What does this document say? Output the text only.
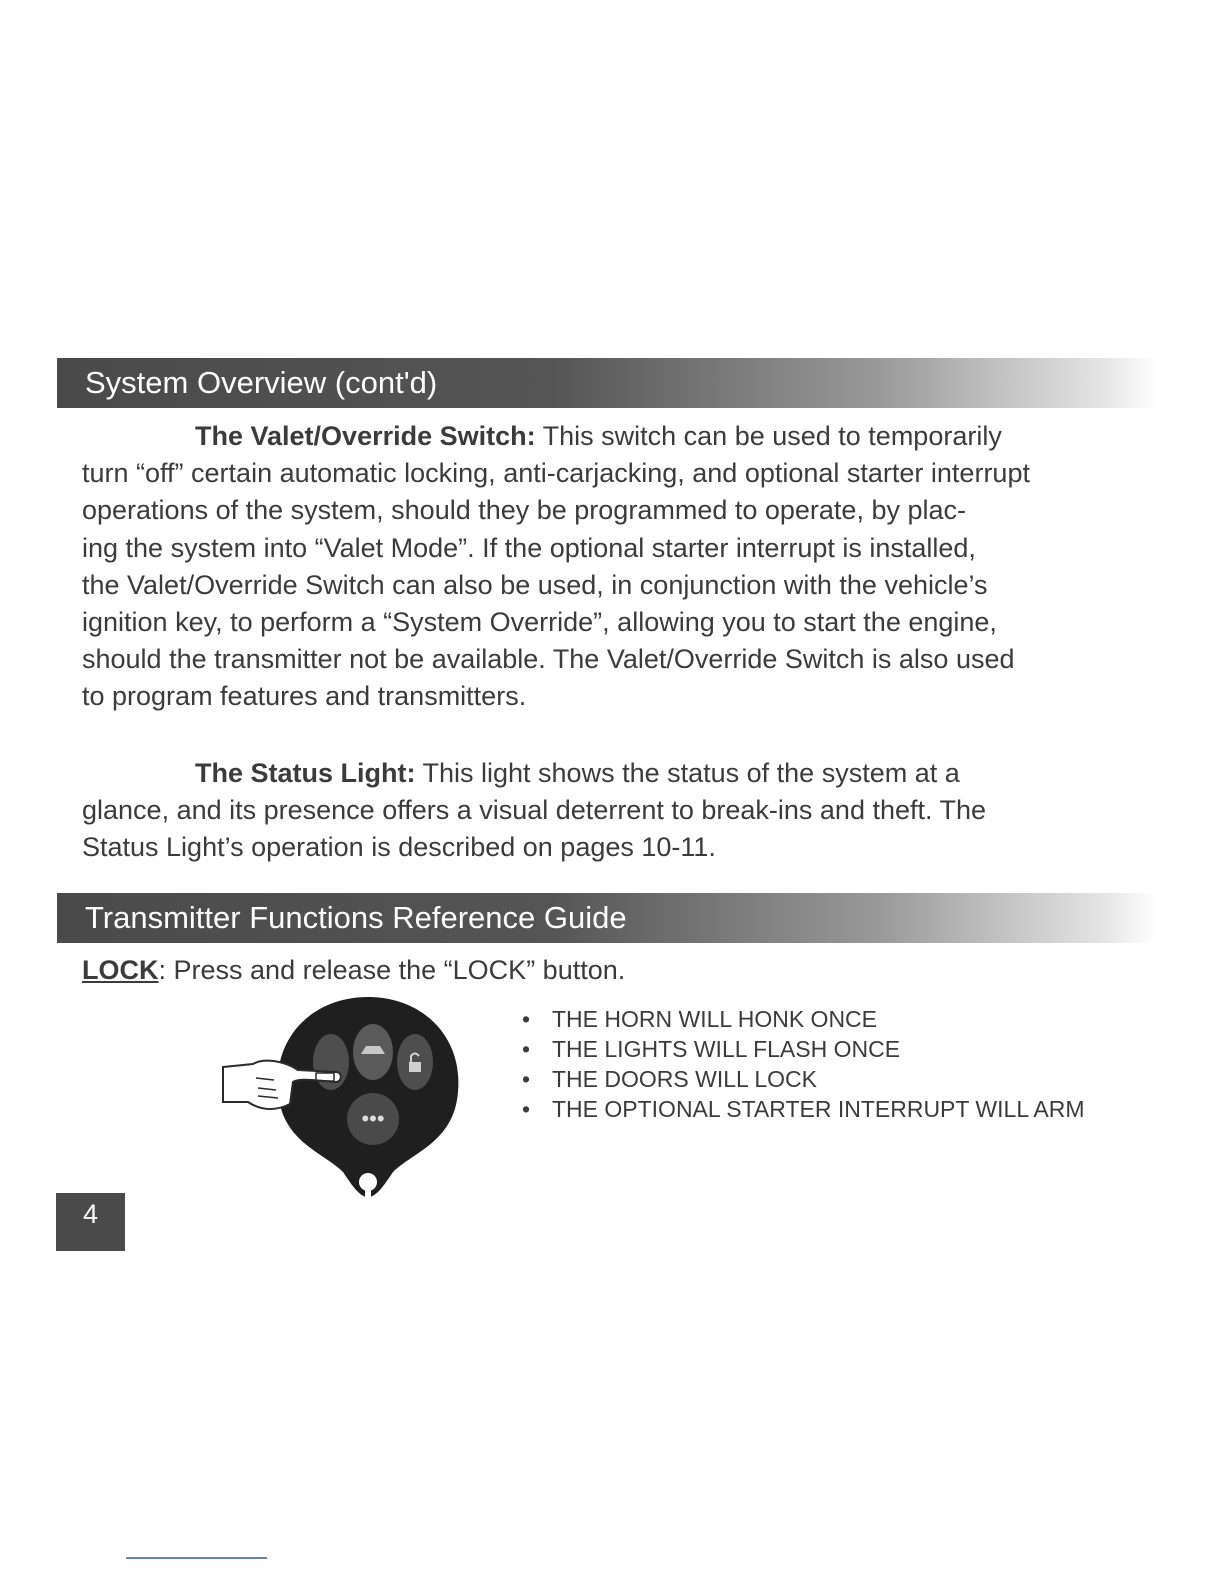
System Overview (cont'd)

The Valet/Override Switch: This switch can be used to temporarily
turn “off” certain automatic locking, anti-carjacking, and optional starter interrupt
operations of the system, should they be programmed to operate, by plac-
ing the system into “Valet Mode”. If the optional starter interrupt is installed,
the Valet/Override Switch can also be used, in conjunction with the vehicle’s
ignition key, to perform a “System Override”, allowing you to start the engine,
should the transmitter not be available. The Valet/Override Switch is also used
to program features and transmitters.

The Status Light: This light shows the status of the system at a
glance, and its presence offers a visual deterrent to break-ins and theft. The
Status Light’s operation is described on pages 10-11.

Transmitter Functions Reference Guide
LOCK: Press and release the “LOCK” button.
•••
• THE HORN WILL HONK ONCE
• THE LIGHTS WILL FLASH ONCE
• THE DOORS WILL LOCK
• THE OPTIONAL STARTER INTERRUPT WILL ARM
4
